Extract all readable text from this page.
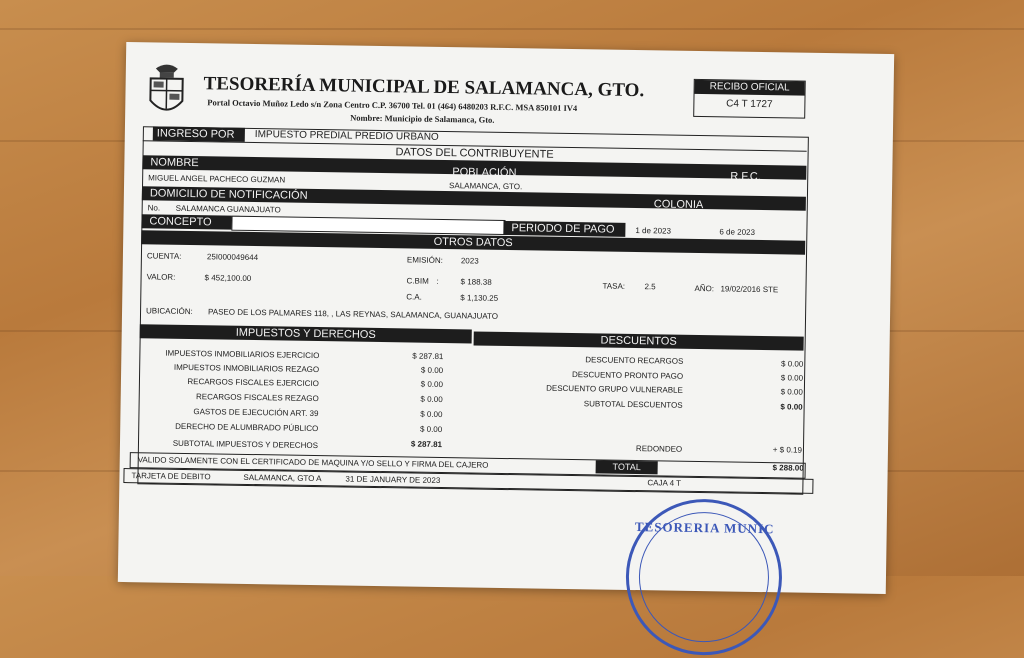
TESORERÍA MUNICIPAL DE SALAMANCA, GTO.
Portal Octavio Muñoz Ledo s/n Zona Centro C.P. 36700 Tel. 01 (464) 6480203 R.F.C. MSA 850101 IV4
Nombre: Municipio de Salamanca, Gto.
RECIBO OFICIAL
C4 T 1727
INGRESO POR	IMPUESTO PREDIAL PREDIO URBANO
DATOS DEL CONTRIBUYENTE
NOMBRE
POBLACIÓN	R.F.C.
MIGUEL ANGEL PACHECO GUZMAN
SALAMANCA, GTO.
DOMICILIO DE NOTIFICACIÓN
COLONIA
No. SALAMANCA GUANAJUATO
CONCEPTO
PERIODO DE PAGO	1 de 2023	6 de 2023
OTROS DATOS
CUENTA:	25I000049644	EMISIÓN: 2023
VALOR:	$ 452,100.00	C.BIM :	$ 188.38	TASA: 2.5	AÑO: 19/02/2016 STE
C.A.	$ 1,130.25
UBICACIÓN: PASEO DE LOS PALMARES 118, , LAS REYNAS, SALAMANCA, GUANAJUATO
IMPUESTOS Y DERECHOS
DESCUENTOS
IMPUESTOS INMOBILIARIOS EJERCICIO	$ 287.81
IMPUESTOS INMOBILIARIOS REZAGO	$ 0.00
RECARGOS FISCALES EJERCICIO	$ 0.00
RECARGOS FISCALES REZAGO	$ 0.00
GASTOS DE EJECUCIÓN ART. 39	$ 0.00
DERECHO DE ALUMBRADO PÚBLICO	$ 0.00
SUBTOTAL IMPUESTOS Y DERECHOS	$ 287.81
DESCUENTO RECARGOS	$ 0.00
DESCUENTO PRONTO PAGO	$ 0.00
DESCUENTO GRUPO VULNERABLE	$ 0.00
SUBTOTAL DESCUENTOS	$ 0.00
REDONDEO	+ $ 0.19
VALIDO SOLAMENTE CON EL CERTIFICADO DE MAQUINA Y/O SELLO Y FIRMA DEL CAJERO	TOTAL	$ 288.00
TARJETA DE DEBITO	SALAMANCA, GTO A	31 DE JANUARY DE 2023	CAJA 4 T
TESORERIA MUNIC
